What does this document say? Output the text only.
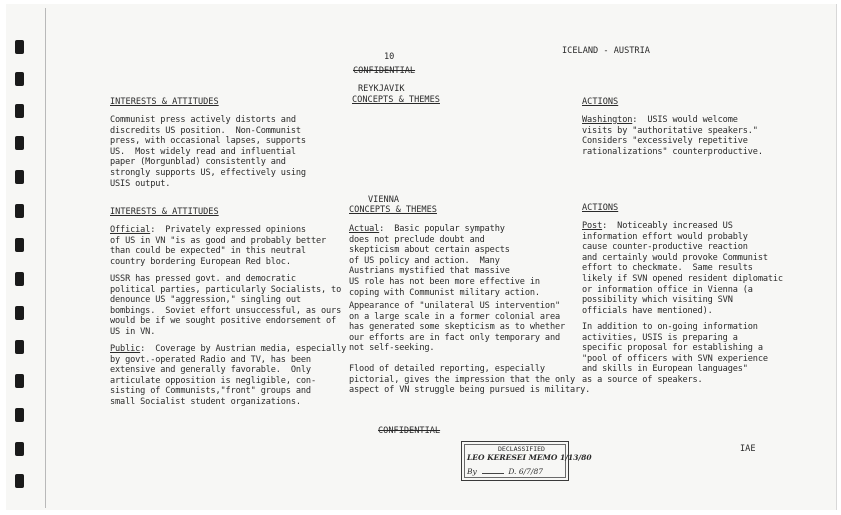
10
CONFIDENTIAL
ICELAND - AUSTRIA
INTERESTS & ATTITUDES
REYKJAVIK
CONCEPTS & THEMES	ACTIONS
Communist press actively distorts and
discredits US position.  Non-Communist
press, with occasional lapses, supports
US.  Most widely read and influential
paper (Morgunblad) consistently and
strongly supports US, effectively using
USIS output.
Washington:  USIS would welcome
visits by "authoritative speakers."
Considers "excessively repetitive
rationalizations" counterproductive.
INTERESTS & ATTITUDES
VIENNA
CONCEPTS & THEMES	ACTIONS
Official:  Privately expressed opinions
of US in VN "is as good and probably better
than could be expected" in this neutral
country bordering European Red bloc.
USSR has pressed govt. and democratic
political parties, particularly Socialists, to
denounce US "aggression," singling out
bombings.  Soviet effort unsuccessful, as ours
would be if we sought positive endorsement of
US in VN.
Public:  Coverage by Austrian media, especially
by govt.-operated Radio and TV, has been
extensive and generally favorable.  Only
articulate opposition is negligible, con-
sisting of Communists,"front" groups and
small Socialist student organizations.
Actual:  Basic popular sympathy
does not preclude doubt and
skepticism about certain aspects
of US policy and action.  Many
Austrians mystified that massive
US role has not been more effective in
coping with Communist military action.
Appearance of "unilateral US intervention"
on a large scale in a former colonial area
has generated some skepticism as to whether
our efforts are in fact only temporary and
not self-seeking.
Flood of detailed reporting, especially
pictorial, gives the impression that the only
aspect of VN struggle being pursued is military.
Post:  Noticeably increased US
information effort would probably
cause counter-productive reaction
and certainly would provoke Communist
effort to checkmate.  Same results
likely if SVN opened resident diplomatic
or information office in Vienna (a
possibility which visiting SVN
officials have mentioned).
In addition to on-going information
activities, USIS is preparing a
specific proposal for establishing a
"pool of officers with SVN experience
and skills in European languages"
as a source of speakers.
CONFIDENTIAL
IAE
DECLASSIFIED
LEO KERESEI MEMO 1/13/80
By	D. 6/7/87
